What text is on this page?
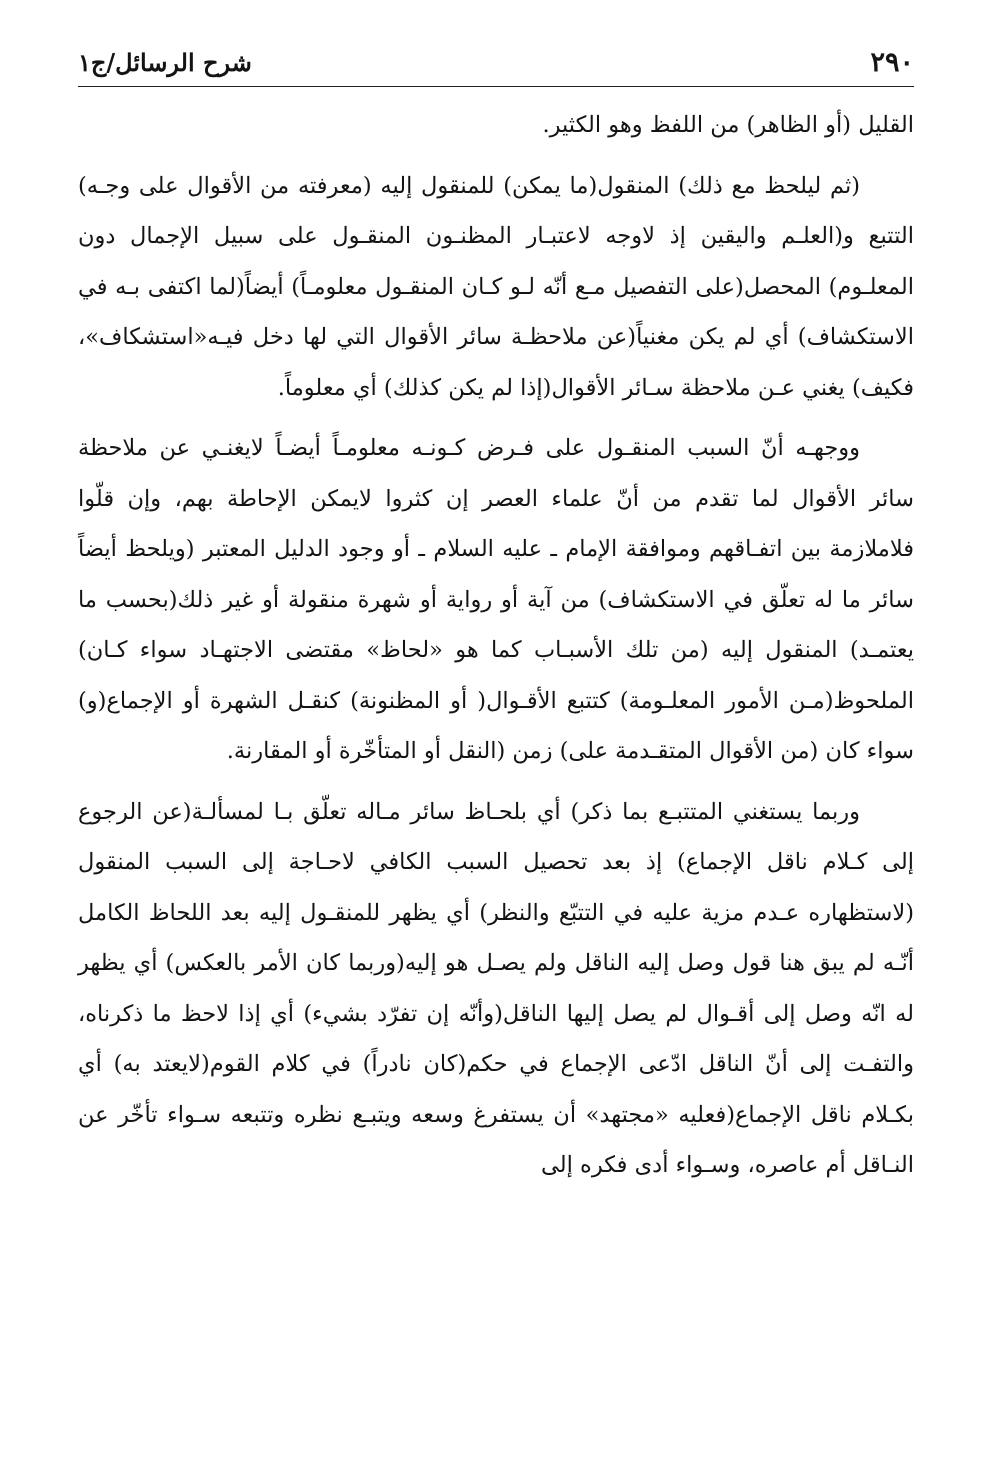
٢٩٠
شرح الرسائل/ج١

القليل (أو الظاهر) من اللفظ وهو الكثير.

(ثم ليلحظ مع ذلك) المنقول(ما يمكن) للمنقول إليه (معرفته من الأقوال على وجـه) التتبع و(العلـم واليقين إذ لاوجه لاعتبـار المظنـون المنقـول على سبيل الإجمال دون المعلـوم) المحصل(على التفصيل مـع أنّه لـو كـان المنقـول معلومـاً) أيضاً(لما اكتفى بـه في الاستكشاف) أي لم يكن مغنياً(عن ملاحظـة سائر الأقوال التي لها دخل فيـه«استشكاف»، فكيف) يغني عـن ملاحظة سـائر الأقوال(إذا لم يكن كذلك) أي معلوماً.

ووجهـه أنّ السبب المنقـول على فـرض كـونـه معلومـاً أيضـاً لايغنـي عن ملاحظة سائر الأقوال لما تقدم من أنّ علماء العصر إن كثروا لايمكن الإحاطة بهم، وإن قلّوا فلاملازمة بين اتفـاقهم وموافقة الإمام ـ عليه السلام ـ أو وجود الدليل المعتبر (ويلحظ أيضاً سائر ما له تعلّق في الاستكشاف) من آية أو رواية أو شهرة منقولة أو غير ذلك(بحسب ما يعتمـد) المنقول إليه (من تلك الأسبـاب كما هو «لحاظ» مقتضى الاجتهـاد سواء كـان) الملحوظ(مـن الأمور المعلـومة) كتتبع الأقـوال( أو المظنونة) كنقـل الشهرة أو الإجماع(و) سواء كان (من الأقوال المتقـدمة على) زمن (النقل أو المتأخّرة أو المقارنة.

وربما يستغني المتتبـع بما ذكر) أي بلحـاظ سائر مـاله تعلّق بـا لمسألـة(عن الرجوع إلى كـلام ناقل الإجماع) إذ بعد تحصيل السبب الكافي لاحـاجة إلى السبب المنقول (لاستظهاره عـدم مزية عليه في التتبّع والنظر) أي يظهر للمنقـول إليه بعد اللحاظ الكامل أنّـه لم يبق هنا قول وصل إليه الناقل ولم يصـل هو إليه(وربما كان الأمر بالعكس) أي يظهر له انّه وصل إلى أقـوال لم يصل إليها الناقل(وأنّه إن تفرّد بشيء) أي إذا لاحظ ما ذكرناه، والتفـت إلى أنّ الناقل ادّعى الإجماع في حكم(كان نادراً) في كلام القوم(لايعتد به) أي بكـلام ناقل الإجماع(فعليه «مجتهد» أن يستفرغ وسعه ويتبـع نظره وتتبعه سـواء تأخّر عن النـاقل أم عاصره، وسـواء أدى فكره إلى
